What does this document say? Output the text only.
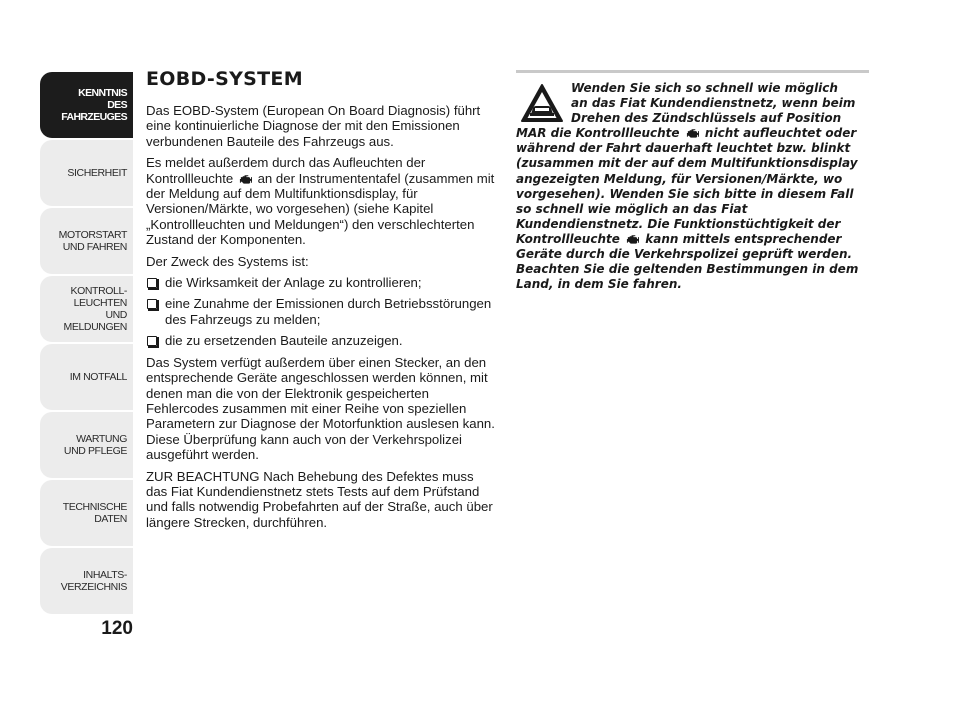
KENNTNIS
DES FAHRZEUGES
SICHERHEIT
MOTORSTART
UND FAHREN
KONTROLL-
LEUCHTEN
UND MELDUNGEN
IM NOTFALL
WARTUNG
UND PFLEGE
TECHNISCHE
DATEN
INHALTS-
VERZEICHNIS
120
EOBD-SYSTEM

Das EOBD-System (European On Board Diagnosis) führt eine kontinuierliche Diagnose der mit den Emissionen verbundenen Bauteile des Fahrzeugs aus.

Es meldet außerdem durch das Aufleuchten der Kontrollleuchte an der Instrumententafel (zusammen mit der Meldung auf dem Multifunktionsdisplay, für Versionen/Märkte, wo vorgesehen) (siehe Kapitel „Kontrollleuchten und Meldungen“) den verschlechterten Zustand der Komponenten.

Der Zweck des Systems ist:

die Wirksamkeit der Anlage zu kontrollieren;
eine Zunahme der Emissionen durch Betriebsstörungen des Fahrzeugs zu melden;
die zu ersetzenden Bauteile anzuzeigen.

Das System verfügt außerdem über einen Stecker, an den entsprechende Geräte angeschlossen werden können, mit denen man die von der Elektronik gespeicherten Fehlercodes zusammen mit einer Reihe von speziellen Parametern zur Diagnose der Motorfunktion auslesen kann. Diese Überprüfung kann auch von der Verkehrspolizei ausgeführt werden.

ZUR BEACHTUNG Nach Behebung des Defektes muss das Fiat Kundendienstnetz stets Tests auf dem Prüfstand und falls notwendig Probefahrten auf der Straße, auch über längere Strecken, durchführen.

Wenden Sie sich so schnell wie möglich
an das Fiat Kundendienstnetz, wenn beim
Drehen des Zündschlüssels auf Position
MAR die Kontrollleuchte nicht aufleuchtet oder während der Fahrt dauerhaft leuchtet bzw. blinkt (zusammen mit der auf dem Multifunktionsdisplay angezeigten Meldung, für Versionen/Märkte, wo vorgesehen). Wenden Sie sich bitte in diesem Fall so schnell wie möglich an das Fiat Kundendienstnetz. Die Funktionstüchtigkeit der Kontrollleuchte kann mittels entsprechender Geräte durch die Verkehrspolizei geprüft werden. Beachten Sie die geltenden Bestimmungen in dem Land, in dem Sie fahren.
